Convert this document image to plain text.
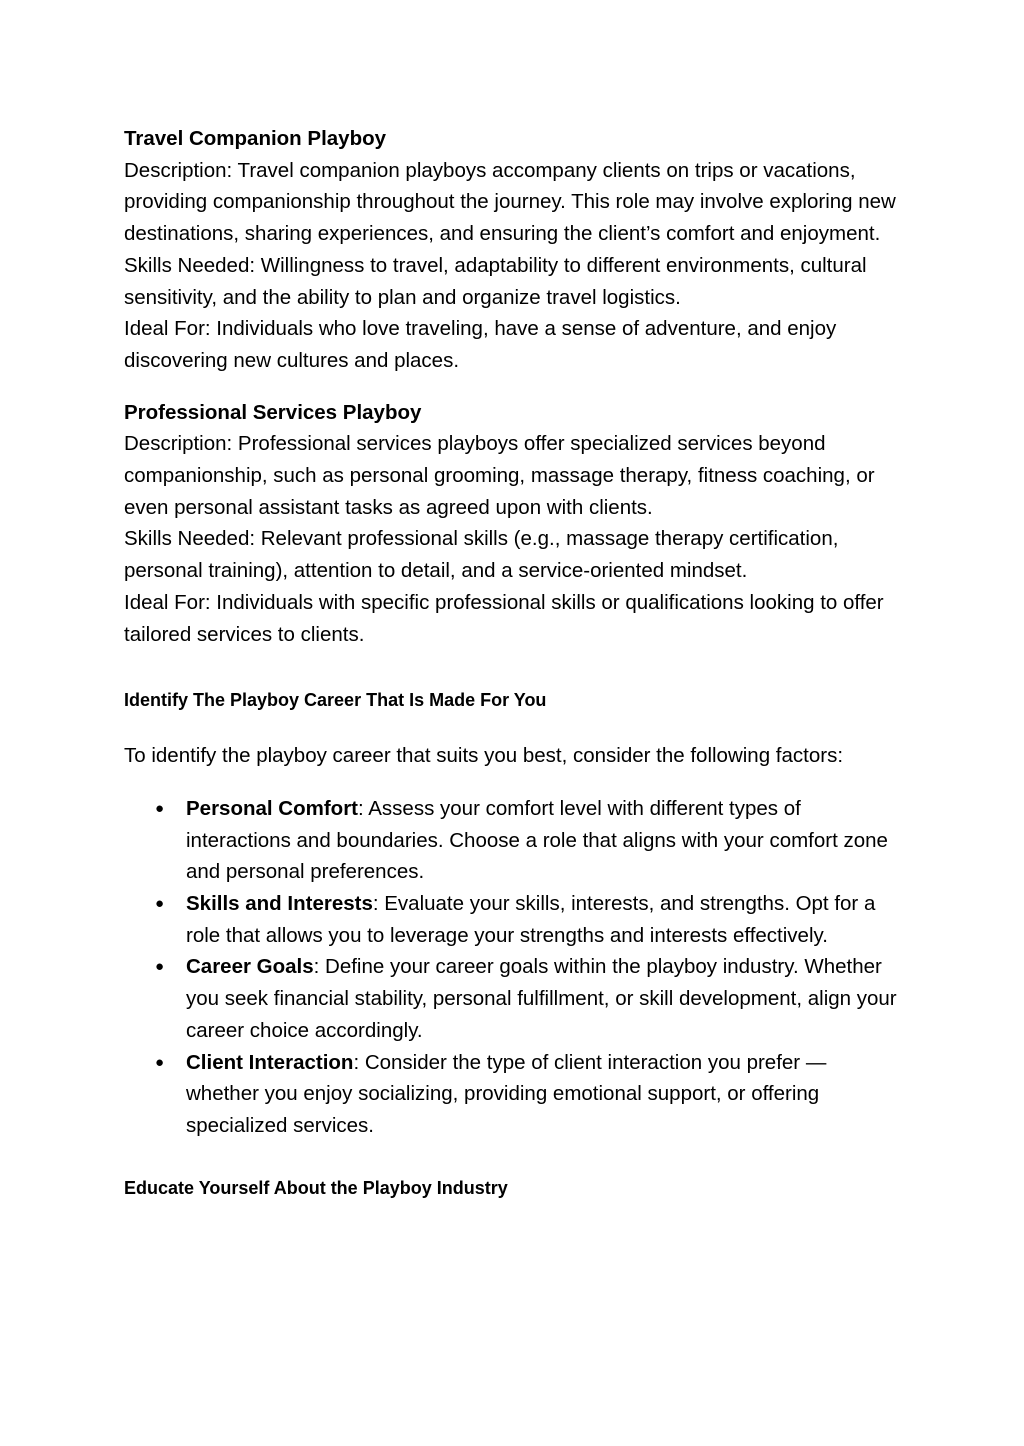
Travel Companion Playboy
Description: Travel companion playboys accompany clients on trips or vacations, providing companionship throughout the journey. This role may involve exploring new destinations, sharing experiences, and ensuring the client’s comfort and enjoyment.
Skills Needed: Willingness to travel, adaptability to different environments, cultural sensitivity, and the ability to plan and organize travel logistics.
Ideal For: Individuals who love traveling, have a sense of adventure, and enjoy discovering new cultures and places.
Professional Services Playboy
Description: Professional services playboys offer specialized services beyond companionship, such as personal grooming, massage therapy, fitness coaching, or even personal assistant tasks as agreed upon with clients.
Skills Needed: Relevant professional skills (e.g., massage therapy certification, personal training), attention to detail, and a service-oriented mindset.
Ideal For: Individuals with specific professional skills or qualifications looking to offer tailored services to clients.
Identify The Playboy Career That Is Made For You
To identify the playboy career that suits you best, consider the following factors:
● Personal Comfort: Assess your comfort level with different types of interactions and boundaries. Choose a role that aligns with your comfort zone and personal preferences.
● Skills and Interests: Evaluate your skills, interests, and strengths. Opt for a role that allows you to leverage your strengths and interests effectively.
● Career Goals: Define your career goals within the playboy industry. Whether you seek financial stability, personal fulfillment, or skill development, align your career choice accordingly.
● Client Interaction: Consider the type of client interaction you prefer — whether you enjoy socializing, providing emotional support, or offering specialized services.
Educate Yourself About the Playboy Industry
